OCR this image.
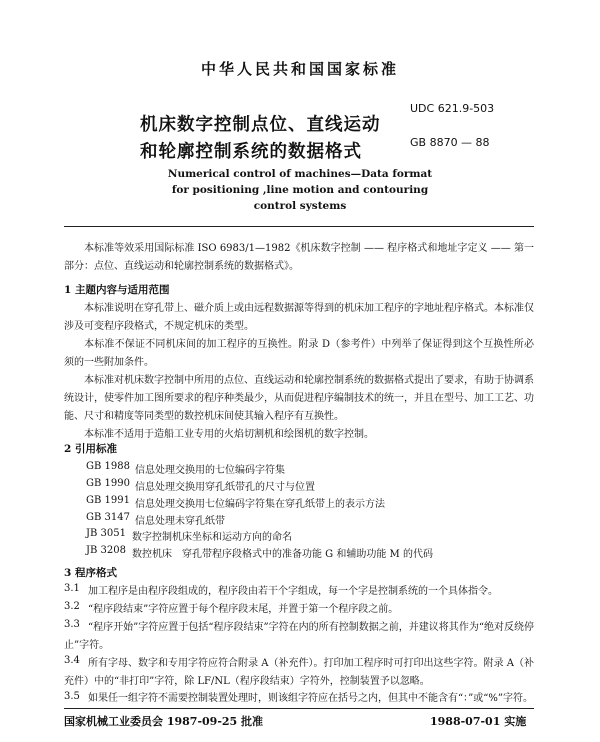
中华人民共和国国家标准
机床数字控制点位、直线运动
和轮廓控制系统的数据格式
UDC 621.9-503
GB 8870 — 88
Numerical control of machines—Data format
for positioning ,line motion and contouring
control systems
本标准等效采用国际标准 ISO 6983/1—1982《机床数字控制 —— 程序格式和地址字定义 —— 第一部分：点位、直线运动和轮廓控制系统的数据格式》。
1 主题内容与适用范围
本标准说明在穿孔带上、磁介质上或由远程数据源等得到的机床加工程序的字地址程序格式。本标准仅涉及可变程序段格式，不规定机床的类型。
本标准不保证不同机床间的加工程序的互换性。附录 D（参考件）中列举了保证得到这个互换性所必须的一些附加条件。
本标准对机床数字控制中所用的点位、直线运动和轮廓控制系统的数据格式提出了要求，有助于协调系统设计，使零件加工图所要求的程序种类最少，从而促进程序编制技术的统一，并且在型号、加工工艺、功能、尺寸和精度等同类型的数控机床间使其输入程序有互换性。
本标准不适用于造船工业专用的火焰切割机和绘图机的数字控制。
2 引用标准
GB 1988 信息处理交换用的七位编码字符集
GB 1990 信息处理交换用穿孔纸带孔的尺寸与位置
GB 1991 信息处理交换用七位编码字符集在穿孔纸带上的表示方法
GB 3147 信息处理未穿孔纸带
JB 3051 数字控制机床坐标和运动方向的命名
JB 3208 数控机床　穿孔带程序段格式中的准备功能 G 和辅助功能 M 的代码
3 程序格式
3.1 加工程序是由程序段组成的，程序段由若干个字组成，每一个字是控制系统的一个具体指令。
3.2 “程序段结束”字符应置于每个程序段末尾，并置于第一个程序段之前。
3.3 “程序开始”字符应置于包括“程序段结束”字符在内的所有控制数据之前，并建议将其作为“绝对反绕停止”字符。
3.4 所有字母、数字和专用字符应符合附录 A（补充件）。打印加工程序时可打印出这些字符。附录 A（补充件）中的“非打印”字符，除 LF/NL（程序段结束）字符外，控制装置予以忽略。
3.5 如果任一组字符不需要控制装置处理时，则该组字符应在括号之内，但其中不能含有“：”或“%”字符。
国家机械工业委员会 1987-09-25 批准	1988-07-01 实施
